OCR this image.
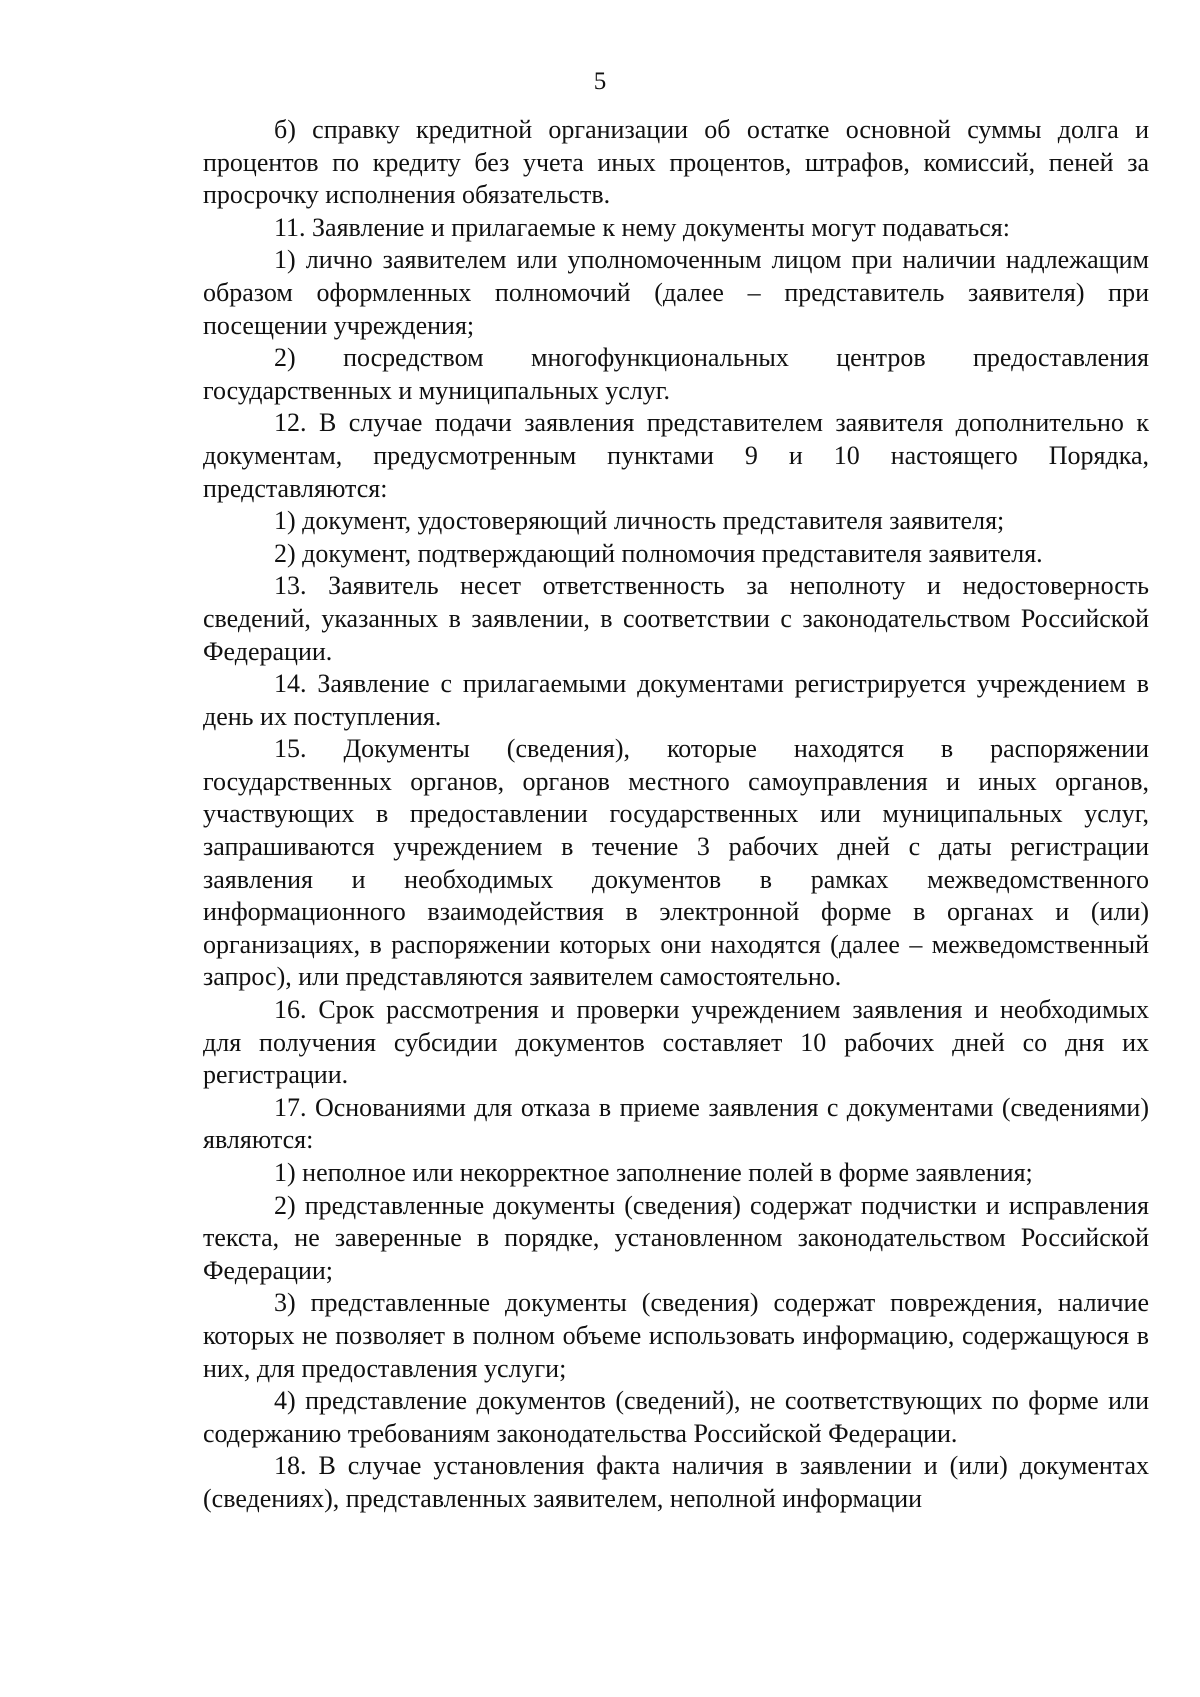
5

б) справку кредитной организации об остатке основной суммы долга и процентов по кредиту без учета иных процентов, штрафов, комиссий, пеней за просрочку исполнения обязательств.

11. Заявление и прилагаемые к нему документы могут подаваться:

1) лично заявителем или уполномоченным лицом при наличии надлежащим образом оформленных полномочий (далее – представитель заявителя) при посещении учреждения;

2) посредством многофункциональных центров предоставления государственных и муниципальных услуг.

12. В случае подачи заявления представителем заявителя дополнительно к документам, предусмотренным пунктами 9 и 10 настоящего Порядка, представляются:

1) документ, удостоверяющий личность представителя заявителя;

2) документ, подтверждающий полномочия представителя заявителя.

13. Заявитель несет ответственность за неполноту и недостоверность сведений, указанных в заявлении, в соответствии с законодательством Российской Федерации.

14. Заявление с прилагаемыми документами регистрируется учреждением в день их поступления.

15. Документы (сведения), которые находятся в распоряжении государственных органов, органов местного самоуправления и иных органов, участвующих в предоставлении государственных или муниципальных услуг, запрашиваются учреждением в течение 3 рабочих дней с даты регистрации заявления и необходимых документов в рамках межведомственного информационного взаимодействия в электронной форме в органах и (или) организациях, в распоряжении которых они находятся (далее – межведомственный запрос), или представляются заявителем самостоятельно.

16. Срок рассмотрения и проверки учреждением заявления и необходимых для получения субсидии документов составляет 10 рабочих дней со дня их регистрации.

17. Основаниями для отказа в приеме заявления с документами (сведениями) являются:

1) неполное или некорректное заполнение полей в форме заявления;

2) представленные документы (сведения) содержат подчистки и исправления текста, не заверенные в порядке, установленном законодательством Российской Федерации;

3) представленные документы (сведения) содержат повреждения, наличие которых не позволяет в полном объеме использовать информацию, содержащуюся в них, для предоставления услуги;

4) представление документов (сведений), не соответствующих по форме или содержанию требованиям законодательства Российской Федерации.

18. В случае установления факта наличия в заявлении и (или) документах (сведениях), представленных заявителем, неполной информации
